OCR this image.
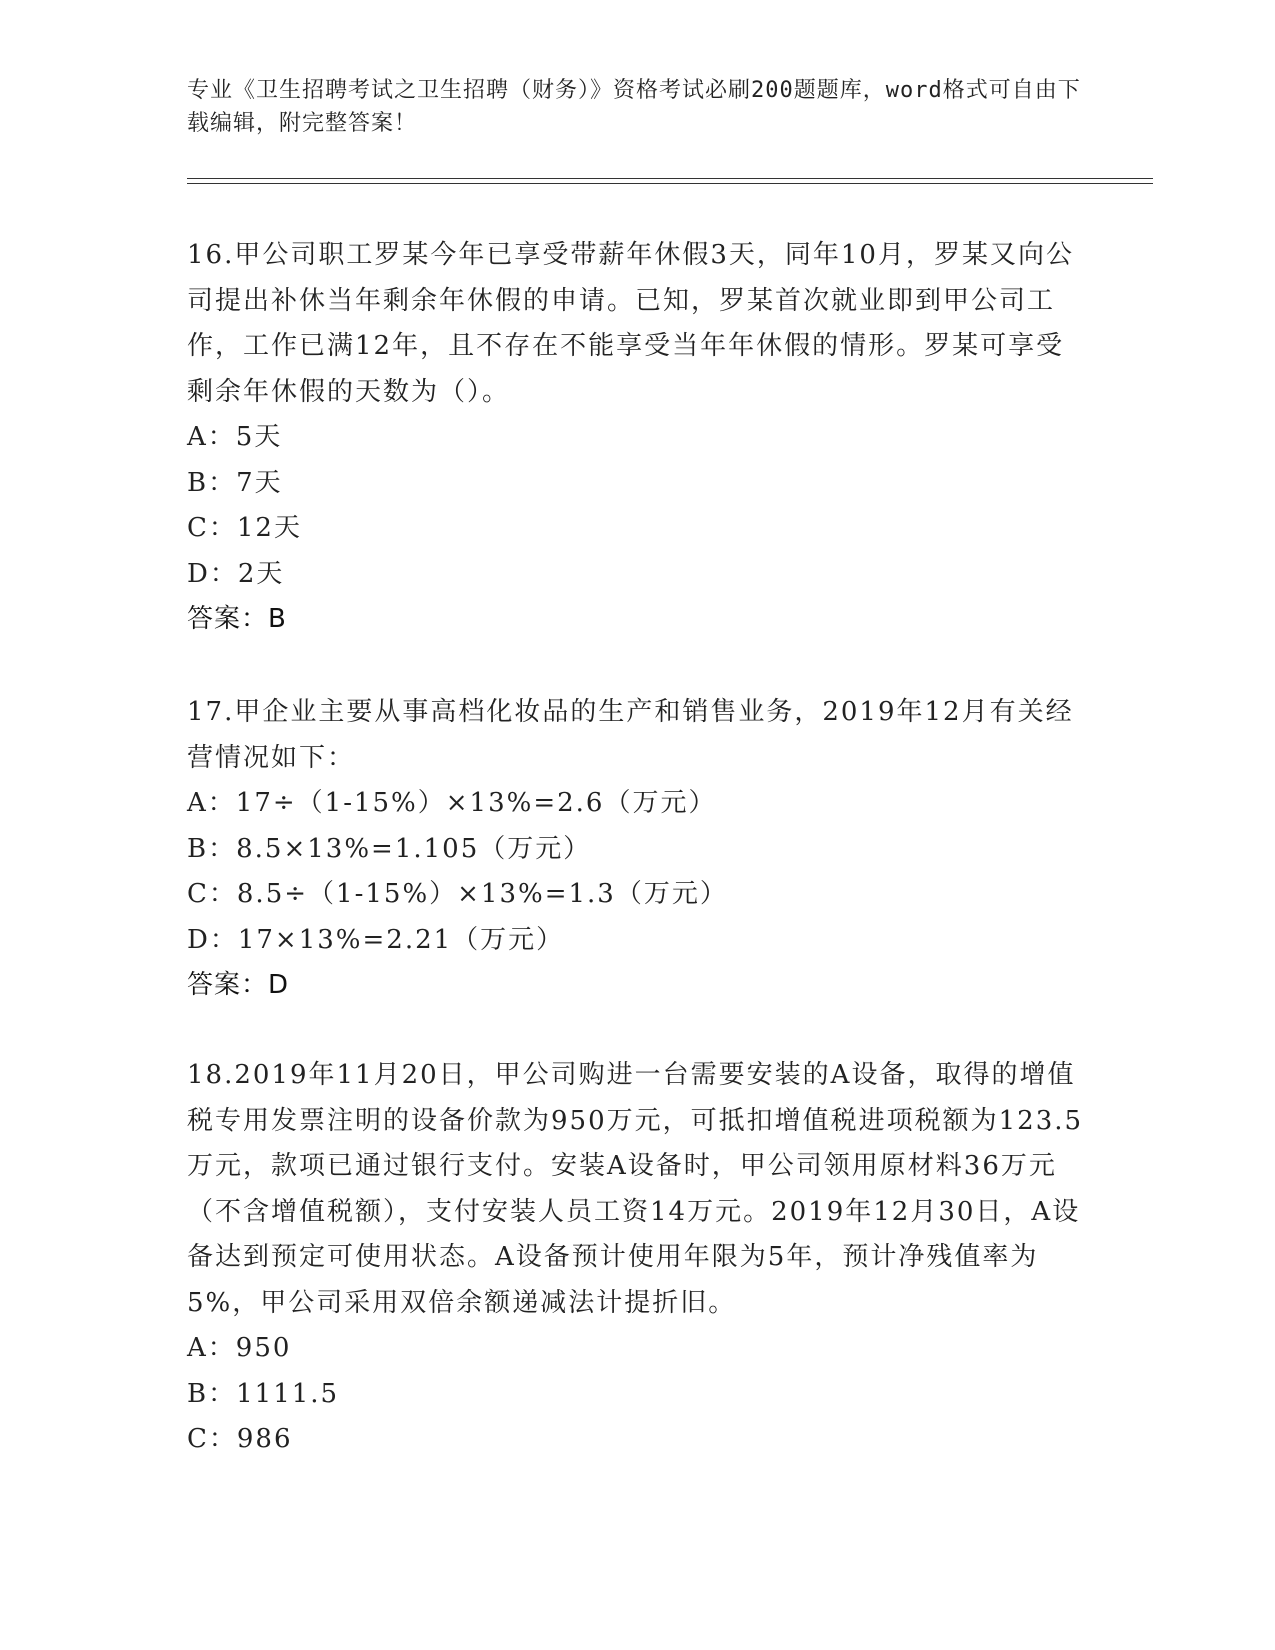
专业《卫生招聘考试之卫生招聘（财务）》资格考试必刷200题题库，word格式可自由下载编辑，附完整答案！

16.甲公司职工罗某今年已享受带薪年休假3天，同年10月，罗某又向公司提出补休当年剩余年休假的申请。已知，罗某首次就业即到甲公司工作，工作已满12年，且不存在不能享受当年年休假的情形。罗某可享受剩余年休假的天数为（）。

A：5天

B：7天

C：12天

D：2天

答案：B

17.甲企业主要从事高档化妆品的生产和销售业务，2019年12月有关经营情况如下：

A：17÷（1-15%）×13%=2.6（万元）

B：8.5×13%=1.105（万元）

C：8.5÷（1-15%）×13%=1.3（万元）

D：17×13%=2.21（万元）

答案：D

18.2019年11月20日，甲公司购进一台需要安装的A设备，取得的增值税专用发票注明的设备价款为950万元，可抵扣增值税进项税额为123.5万元，款项已通过银行支付。安装A设备时，甲公司领用原材料36万元（不含增值税额），支付安装人员工资14万元。2019年12月30日，A设备达到预定可使用状态。A设备预计使用年限为5年，预计净残值率为5%，甲公司采用双倍余额递减法计提折旧。

A：950

B：1111.5

C：986
